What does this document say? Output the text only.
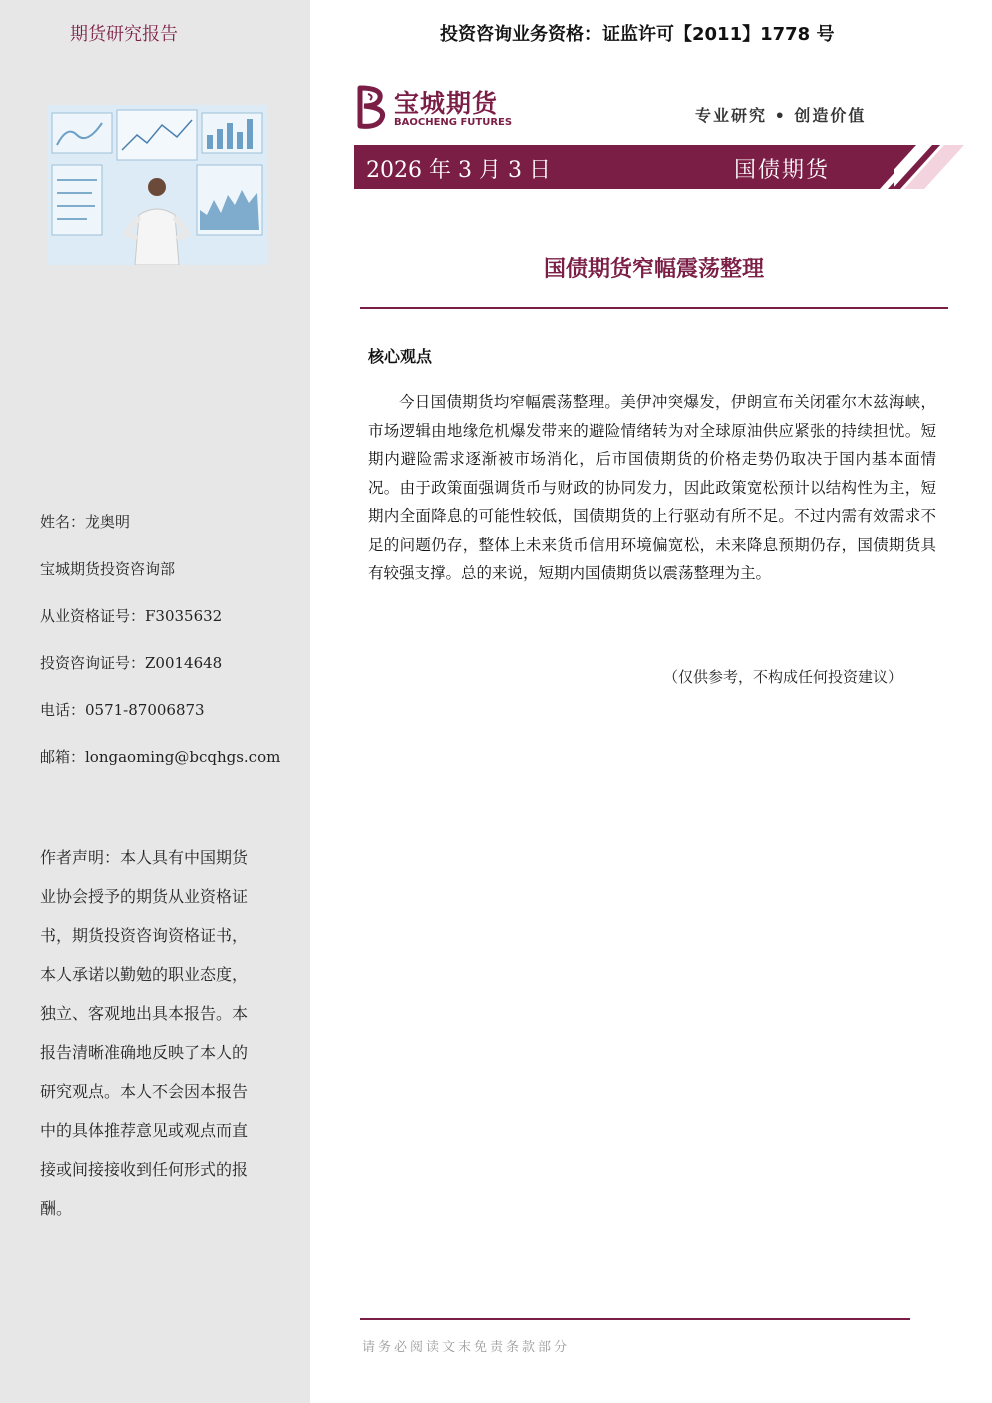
期货研究报告
姓名：龙奥明
宝城期货投资咨询部
从业资格证号：F3035632
投资咨询证号：Z0014648
电话：0571-87006873
邮箱：longaoming@bcqhgs.com
作者声明：本人具有中国期货
业协会授予的期货从业资格证
书，期货投资咨询资格证书，
本人承诺以勤勉的职业态度，
独立、客观地出具本报告。本
报告清晰准确地反映了本人的
研究观点。本人不会因本报告
中的具体推荐意见或观点而直
接或间接接收到任何形式的报
酬。
投资咨询业务资格：证监许可【2011】1778 号
宝城期货
BAOCHENG FUTURES	专业研究 • 创造价值
2026 年 3 月 3 日	国债期货
国债期货窄幅震荡整理
核心观点
今日国债期货均窄幅震荡整理。美伊冲突爆发，伊朗宣布关闭霍尔木兹海峡，市场逻辑由地缘危机爆发带来的避险情绪转为对全球原油供应紧张的持续担忧。短期内避险需求逐渐被市场消化，后市国债期货的价格走势仍取决于国内基本面情况。由于政策面强调货币与财政的协同发力，因此政策宽松预计以结构性为主，短期内全面降息的可能性较低，国债期货的上行驱动有所不足。不过内需有效需求不足的问题仍存，整体上未来货币信用环境偏宽松，未来降息预期仍存，国债期货具有较强支撑。总的来说，短期内国债期货以震荡整理为主。
（仅供参考，不构成任何投资建议）
请务必阅读文末免责条款部分
